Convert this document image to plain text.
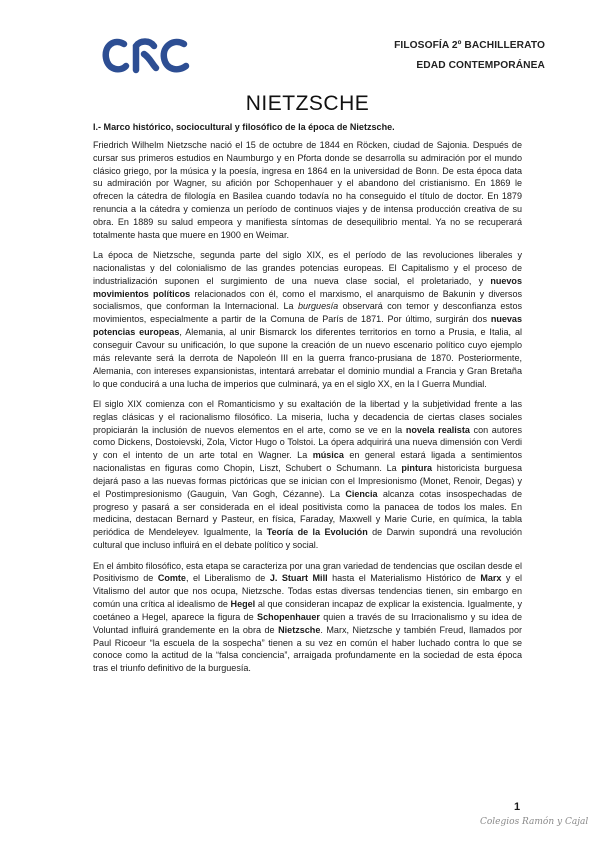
FILOSOFÍA 2º BACHILLERATO
EDAD CONTEMPORÁNEA
NIETZSCHE

I.- Marco histórico, sociocultural y filosófico de la época de Nietzsche.

Friedrich Wilhelm Nietzsche nació el 15 de octubre de 1844 en Röcken, ciudad de Sajonia. Después de cursar sus primeros estudios en Naumburgo y en Pforta donde se desarrolla su admiración por el mundo clásico griego, por la música y la poesía, ingresa en 1864 en la universidad de Bonn. De esta época data su admiración por Wagner, su afición por Schopenhauer y el abandono del cristianismo. En 1869 le ofrecen la cátedra de filología en Basilea cuando todavía no ha conseguido el título de doctor. En 1879 renuncia a la cátedra y comienza un período de continuos viajes y de intensa producción creativa de su obra. En 1889 su salud empeora y manifiesta síntomas de desequilibrio mental. Ya no se recuperará totalmente hasta que muere en 1900 en Weimar.

La época de Nietzsche, segunda parte del siglo XIX, es el período de las revoluciones liberales y nacionalistas y del colonialismo de las grandes potencias europeas. El Capitalismo y el proceso de industrialización suponen el surgimiento de una nueva clase social, el proletariado, y nuevos movimientos políticos relacionados con él, como el marxismo, el anarquismo de Bakunin y diversos socialismos, que conforman la Internacional. La burguesía observará con temor y desconfianza estos movimientos, especialmente a partir de la Comuna de París de 1871. Por último, surgirán dos nuevas potencias europeas, Alemania, al unir Bismarck los diferentes territorios en torno a Prusia, e Italia, al conseguir Cavour su unificación, lo que supone la creación de un nuevo escenario político cuyo ejemplo más relevante será la derrota de Napoleón III en la guerra franco-prusiana de 1870. Posteriormente, Alemania, con intereses expansionistas, intentará arrebatar el dominio mundial a Francia y Gran Bretaña lo que conducirá a una lucha de imperios que culminará, ya en el siglo XX, en la I Guerra Mundial.

El siglo XIX comienza con el Romanticismo y su exaltación de la libertad y la subjetividad frente a las reglas clásicas y el racionalismo filosófico. La miseria, lucha y decadencia de ciertas clases sociales propiciarán la inclusión de nuevos elementos en el arte, como se ve en la novela realista con autores como Dickens, Dostoievski, Zola, Victor Hugo o Tolstoi. La ópera adquirirá una nueva dimensión con Verdi y con el intento de un arte total en Wagner. La música en general estará ligada a sentimientos nacionalistas en figuras como Chopin, Liszt, Schubert o Schumann. La pintura historicista burguesa dejará paso a las nuevas formas pictóricas que se inician con el Impresionismo (Monet, Renoir, Degas) y el Postimpresionismo (Gauguin, Van Gogh, Cézanne). La Ciencia alcanza cotas insospechadas de progreso y pasará a ser considerada en el ideal positivista como la panacea de todos los males. En medicina, destacan Bernard y Pasteur, en física, Faraday, Maxwell y Marie Curie, en química, la tabla periódica de Mendeleyev. Igualmente, la Teoría de la Evolución de Darwin supondrá una revolución cultural que incluso influirá en el debate político y social.

En el ámbito filosófico, esta etapa se caracteriza por una gran variedad de tendencias que oscilan desde el Positivismo de Comte, el Liberalismo de J. Stuart Mill hasta el Materialismo Histórico de Marx y el Vitalismo del autor que nos ocupa, Nietzsche. Todas estas diversas tendencias tienen, sin embargo en común una crítica al idealismo de Hegel al que consideran incapaz de explicar la existencia. Igualmente, y coetáneo a Hegel, aparece la figura de Schopenhauer quien a través de su Irracionalismo y su idea de Voluntad influirá grandemente en la obra de Nietzsche. Marx, Nietzsche y también Freud, llamados por Paul Ricoeur “la escuela de la sospecha” tienen a su vez en común el haber luchado contra lo que se conoce como la actitud de la “falsa conciencia”, arraigada profundamente en la sociedad de esta época tras el triunfo definitivo de la burguesía.

1
Colegios Ramón y Cajal
